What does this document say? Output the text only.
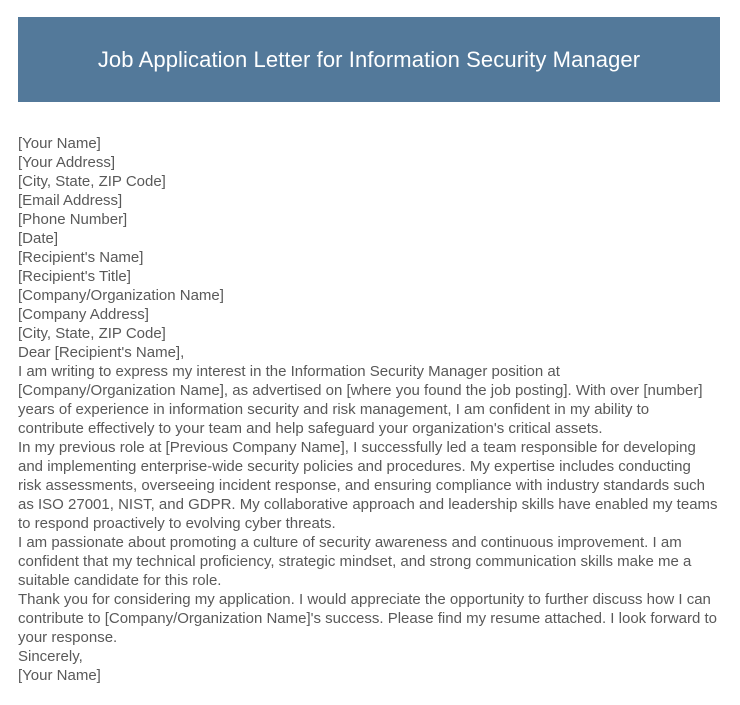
Job Application Letter for Information Security Manager

[Your Name]

[Your Address]

[City, State, ZIP Code]

[Email Address]

[Phone Number]

[Date]

[Recipient's Name]

[Recipient's Title]

[Company/Organization Name]

[Company Address]

[City, State, ZIP Code]

Dear [Recipient's Name],

I am writing to express my interest in the Information Security Manager position at [Company/Organization Name], as advertised on [where you found the job posting]. With over [number] years of experience in information security and risk management, I am confident in my ability to contribute effectively to your team and help safeguard your organization's critical assets.

In my previous role at [Previous Company Name], I successfully led a team responsible for developing and implementing enterprise-wide security policies and procedures. My expertise includes conducting risk assessments, overseeing incident response, and ensuring compliance with industry standards such as ISO 27001, NIST, and GDPR. My collaborative approach and leadership skills have enabled my teams to respond proactively to evolving cyber threats.

I am passionate about promoting a culture of security awareness and continuous improvement. I am confident that my technical proficiency, strategic mindset, and strong communication skills make me a suitable candidate for this role.

Thank you for considering my application. I would appreciate the opportunity to further discuss how I can contribute to [Company/Organization Name]'s success. Please find my resume attached. I look forward to your response.

Sincerely,

[Your Name]
